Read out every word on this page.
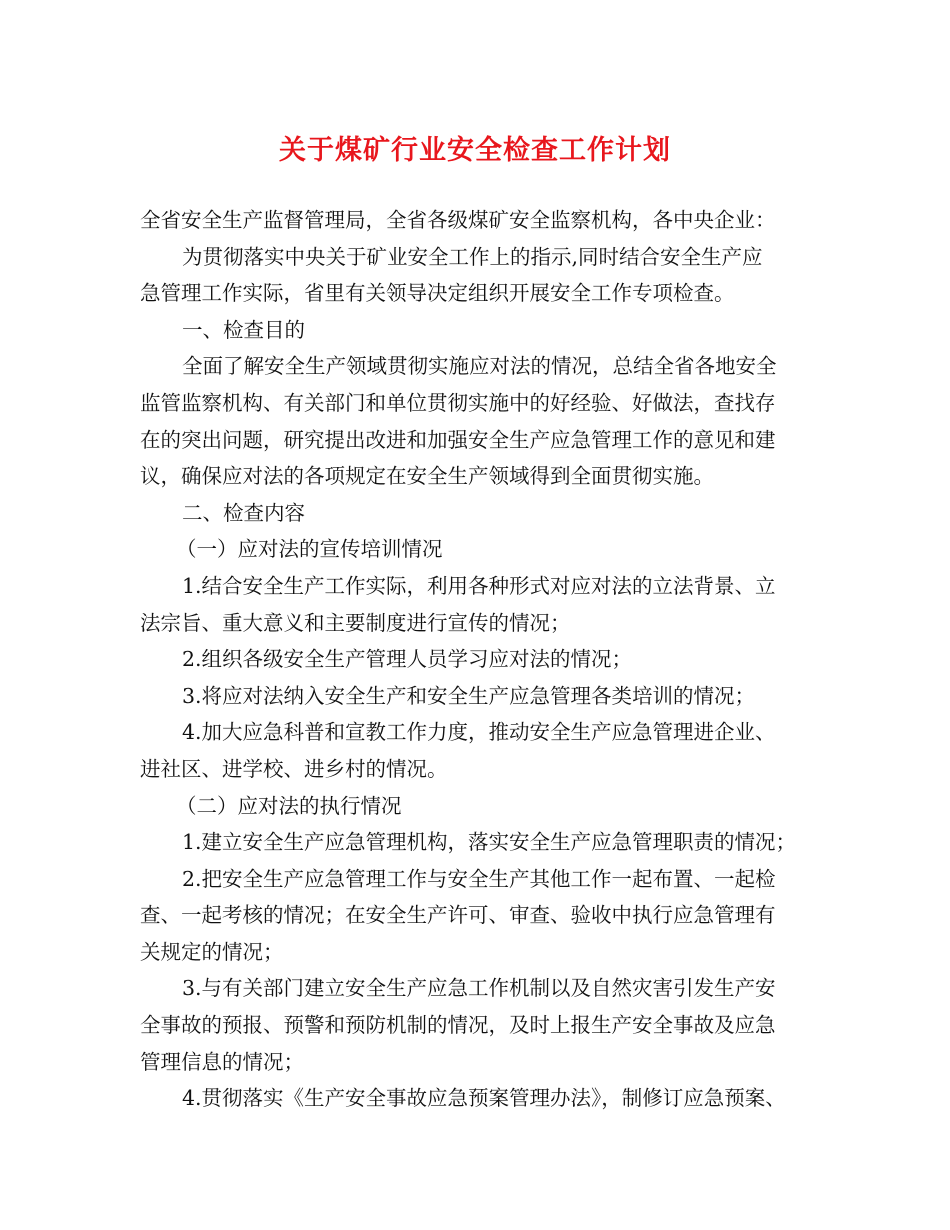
关于煤矿行业安全检查工作计划
全省安全生产监督管理局，全省各级煤矿安全监察机构，各中央企业：
为贯彻落实中央关于矿业安全工作上的指示,同时结合安全生产应
急管理工作实际，省里有关领导决定组织开展安全工作专项检查。
一、检查目的
全面了解安全生产领域贯彻实施应对法的情况，总结全省各地安全
监管监察机构、有关部门和单位贯彻实施中的好经验、好做法，查找存
在的突出问题，研究提出改进和加强安全生产应急管理工作的意见和建
议，确保应对法的各项规定在安全生产领域得到全面贯彻实施。
二、检查内容
（一）应对法的宣传培训情况
1.结合安全生产工作实际，利用各种形式对应对法的立法背景、立
法宗旨、重大意义和主要制度进行宣传的情况；
2.组织各级安全生产管理人员学习应对法的情况；
3.将应对法纳入安全生产和安全生产应急管理各类培训的情况；
4.加大应急科普和宣教工作力度，推动安全生产应急管理进企业、
进社区、进学校、进乡村的情况。
（二）应对法的执行情况
1.建立安全生产应急管理机构，落实安全生产应急管理职责的情况；
2.把安全生产应急管理工作与安全生产其他工作一起布置、一起检
查、一起考核的情况；在安全生产许可、审查、验收中执行应急管理有
关规定的情况；
3.与有关部门建立安全生产应急工作机制以及自然灾害引发生产安
全事故的预报、预警和预防机制的情况，及时上报生产安全事故及应急
管理信息的情况；
4.贯彻落实《生产安全事故应急预案管理办法》，制修订应急预案、
